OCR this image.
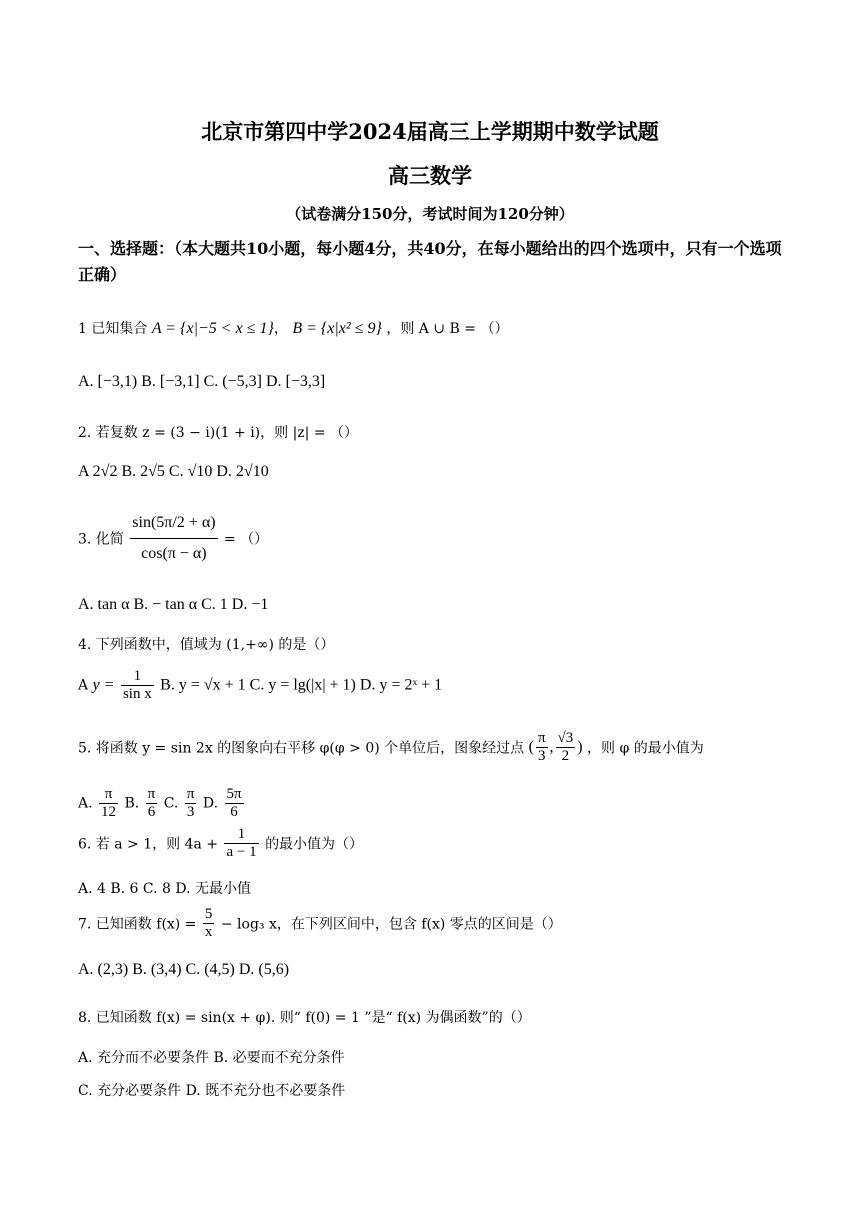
北京市第四中学2024届高三上学期期中数学试题
高三数学
（试卷满分150分，考试时间为120分钟）
一、选择题：（本大题共10小题，每小题4分，共40分，在每小题给出的四个选项中，只有一个选项正确）
1 已知集合 A = {x|−5 < x ≤ 1}， B = {x|x² ≤ 9} ，则 A ∪ B = （）
A. [−3,1) B. [−3,1] C. (−5,3] D. [−3,3]
2. 若复数 z = (3 − i)(1 + i)，则 |z| = （）
A 2√2 B. 2√5 C. √10 D. 2√10
3. 化简 $\frac{\sin(5\pi/2 + \alpha)}{\cos(\pi - \alpha)}$ = （）
A. tan α B. − tan α C. 1 D. −1
4. 下列函数中，值域为 (1,+∞) 的是（）
A $y = \frac{1}{\text{sin x}} B$. y = √x + 1 C. y = lg(|x| + 1) D. y = 2ˣ + 1
5. 将函数 y = sin 2x 的图象向右平移 φ(φ > 0) 个单位后，图象经过点 ( $\frac{\pi}{3}$ , $\frac{√3}{2}$ ) ，则 φ 的最小值为
A. $\frac{\pi}{12} B$. $\frac{\pi}{6} C$. $\frac{\pi}{3} D$. $\frac{5\pi}{6}$
6. 若 a > 1，则 $4a + \frac{1}{a - 1}$ 的最小值为（）
A. 4 B. 6 C. 8 D. 无最小值
7. 已知函数 $f(x) = \frac{5}{x} - \log_3$ x，在下列区间中，包含 f(x) 零点的区间是（）
A. (2,3) B. (3,4) C. (4,5) D. (5,6)
8. 已知函数 f(x) = sin(x + φ). 则“ f(0) = 1 ”是“ f(x) 为偶函数”的（）
A. 充分而不必要条件 B. 必要而不充分条件
C. 充分必要条件 D. 既不充分也不必要条件
